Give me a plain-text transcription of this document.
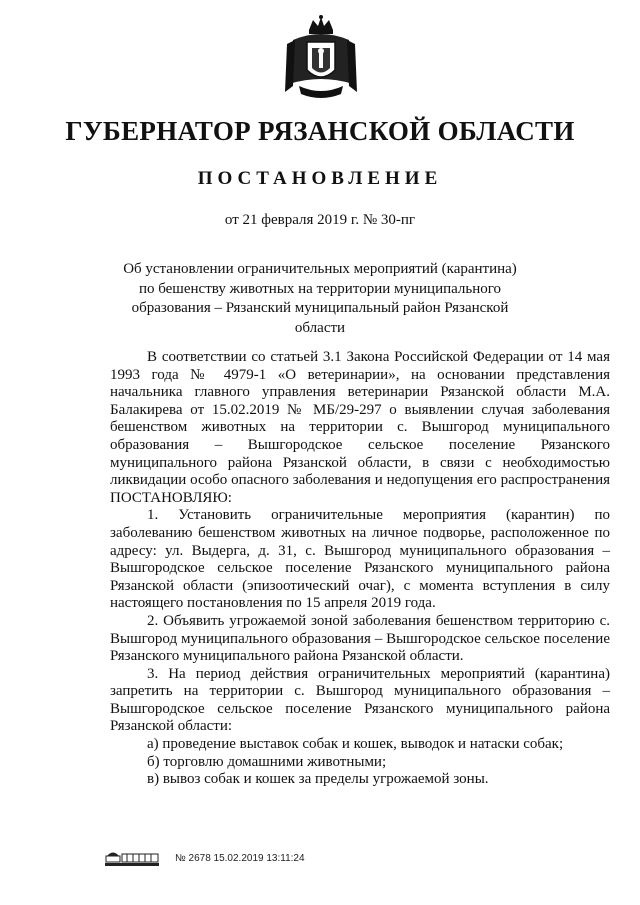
ГУБЕРНАТОР РЯЗАНСКОЙ ОБЛАСТИ
ПОСТАНОВЛЕНИЕ
от 21 февраля 2019 г. № 30-пг
Об установлении ограничительных мероприятий (карантина)
по бешенству животных на территории муниципального
образования – Рязанский муниципальный район Рязанской области

В соответствии со статьей 3.1 Закона Российской Федерации от 14 мая 1993 года № 4979-1 «О ветеринарии», на основании представления начальника главного управления ветеринарии Рязанской области М.А. Балакирева от 15.02.2019 № МБ/29-297 о выявлении случая заболевания бешенством животных на территории с. Вышгород муниципального образования – Вышгородское сельское поселение Рязанского муниципального района Рязанской области, в связи с необходимостью ликвидации особо опасного заболевания и недопущения его распространения ПОСТАНОВЛЯЮ:

1. Установить ограничительные мероприятия (карантин) по заболеванию бешенством животных на личное подворье, расположенное по адресу: ул. Выдерга, д. 31, с. Вышгород муниципального образования – Вышгородское сельское поселение Рязанского муниципального района Рязанской области (эпизоотический очаг), с момента вступления в силу настоящего постановления по 15 апреля 2019 года.

2. Объявить угрожаемой зоной заболевания бешенством территорию с. Вышгород муниципального образования – Вышгородское сельское поселение Рязанского муниципального района Рязанской области.

3. На период действия ограничительных мероприятий (карантина) запретить на территории с. Вышгород муниципального образования – Вышгородское сельское поселение Рязанского муниципального района Рязанской области:

а) проведение выставок собак и кошек, выводок и натаски собак;

б) торговлю домашними животными;

в) вывоз собак и кошек за пределы угрожаемой зоны.

№ 2678 15.02.2019 13:11:24
